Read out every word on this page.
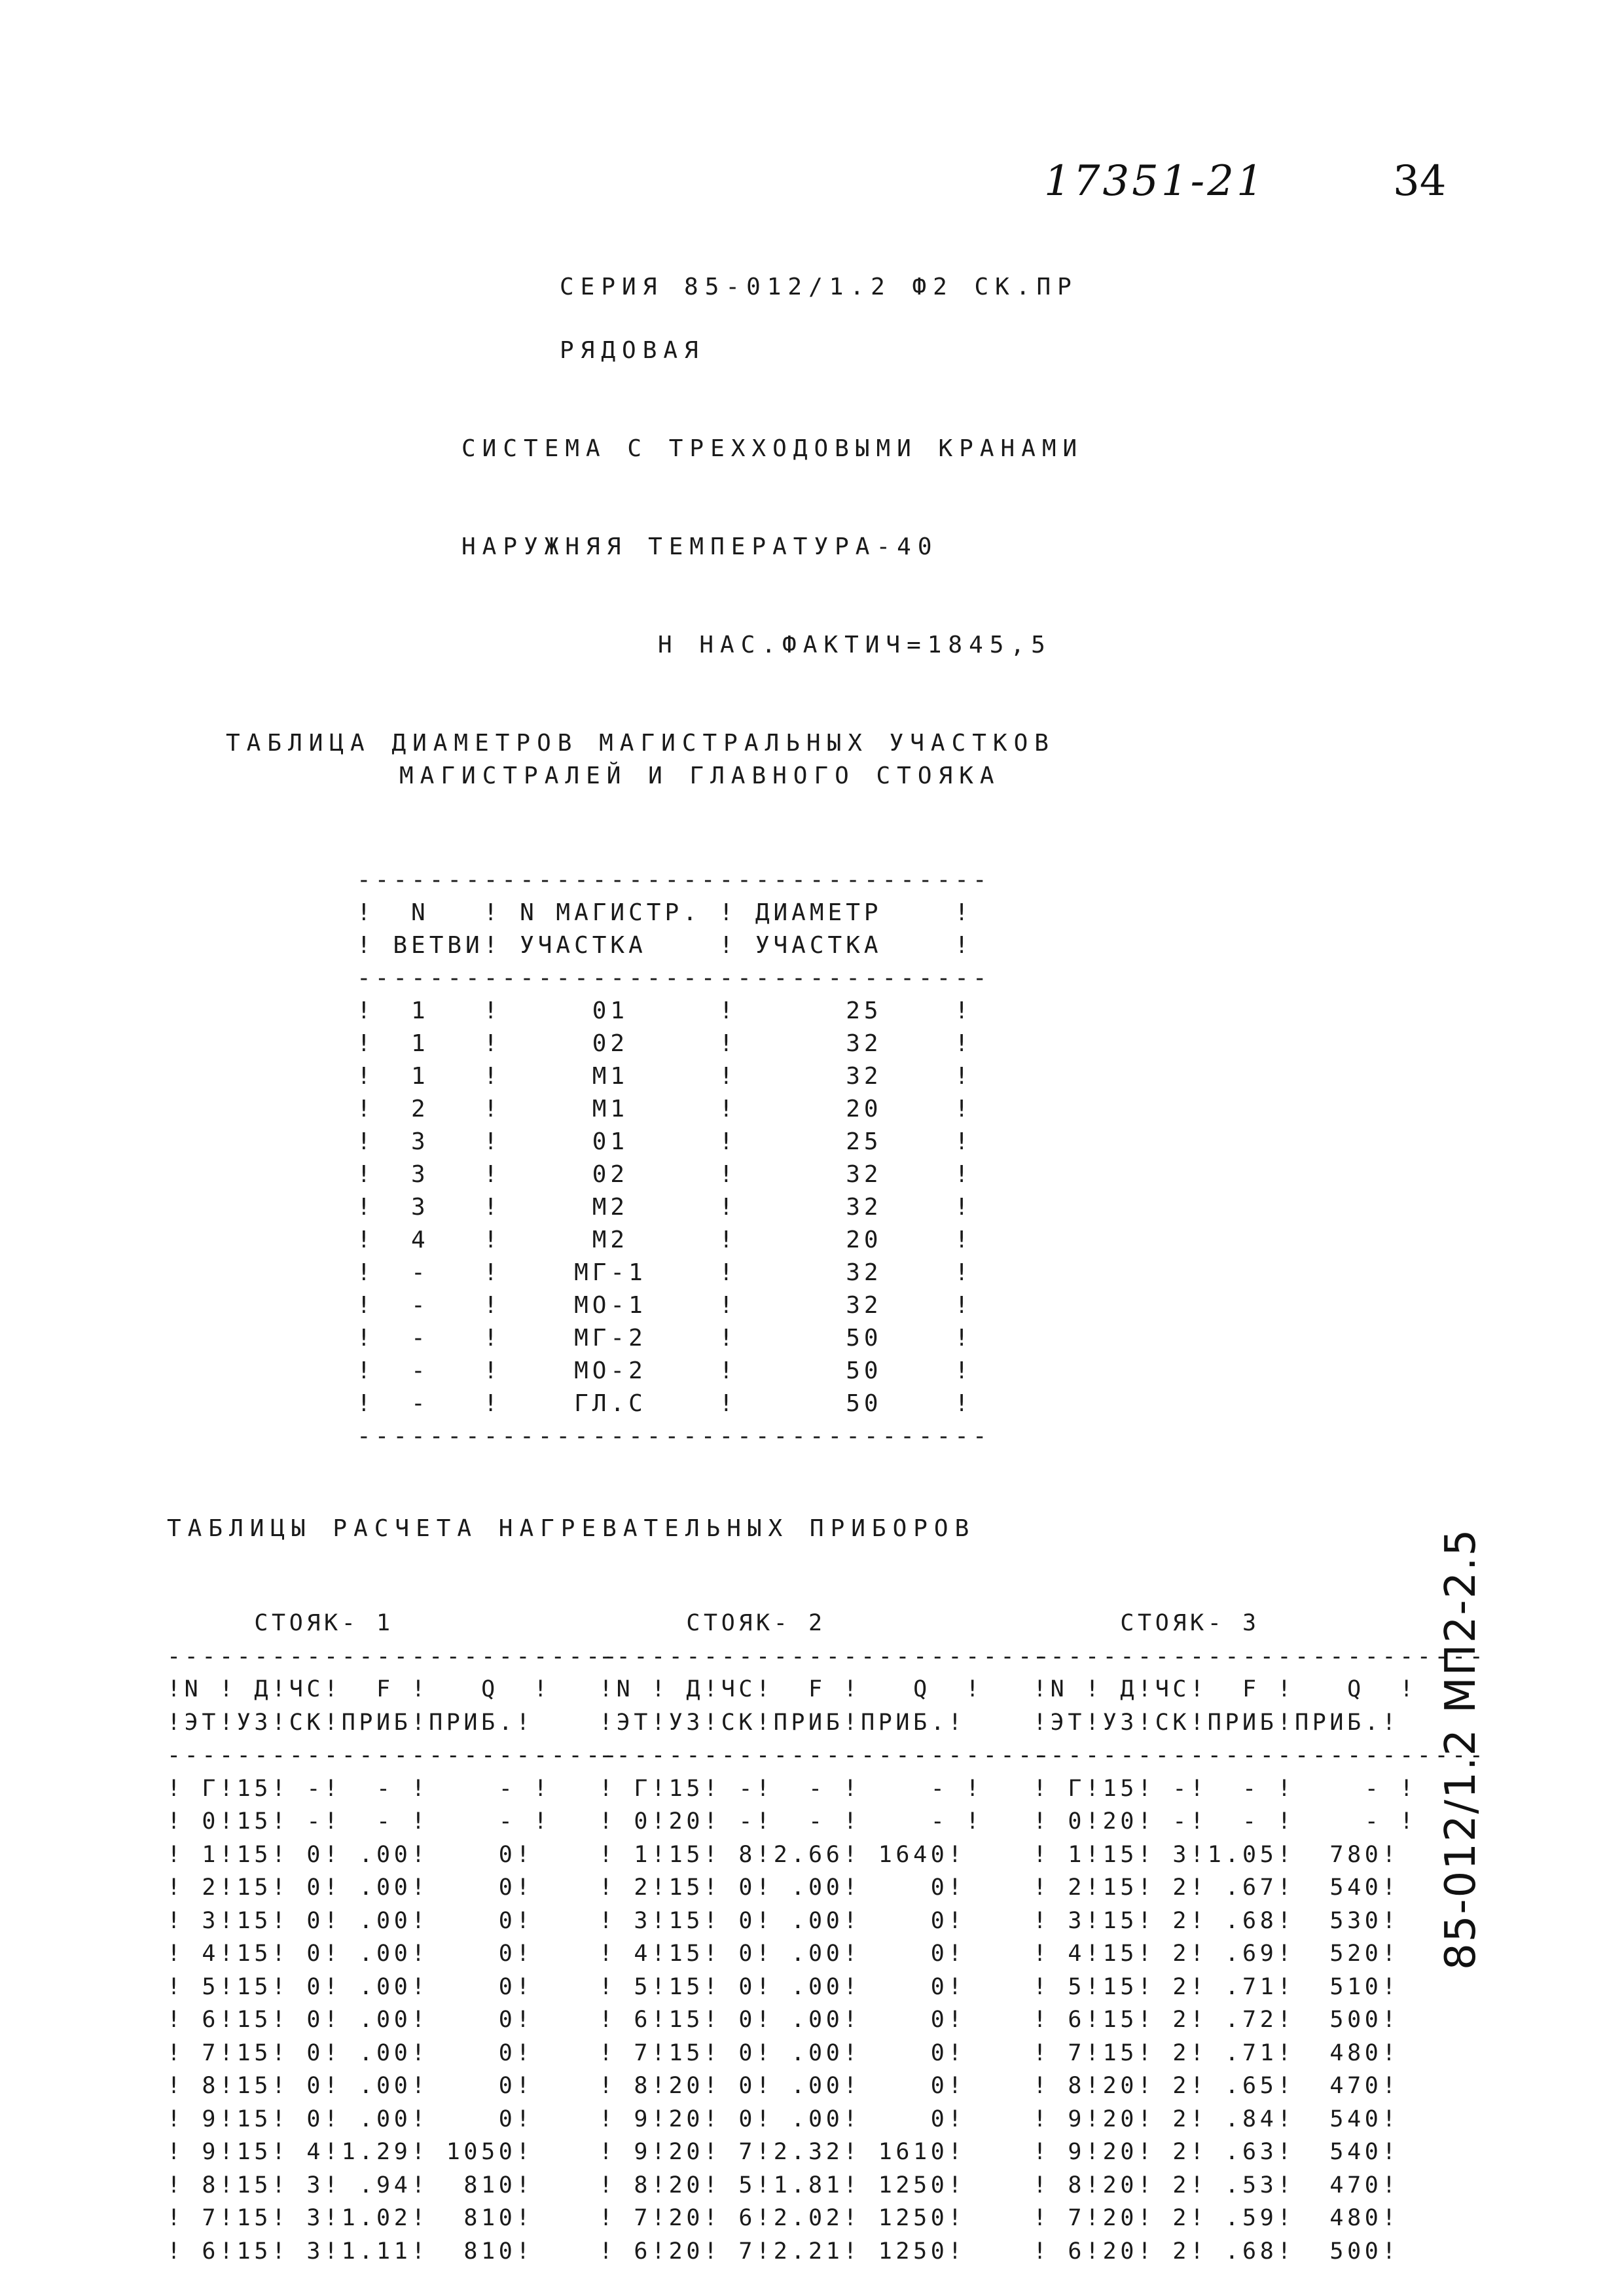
17351-21	34
СЕРИЯ 85-012/1.2 Ф2 СК.ПР
РЯДОВАЯ
СИСТЕМА С ТРЕХХОДОВЫМИ КРАНАМИ
НАРУЖНЯЯ ТЕМПЕРАТУРА-40
Н НАС.ФАКТИЧ=1845,5
ТАБЛИЦА ДИАМЕТРОВ МАГИСТРАЛЬНЫХ УЧАСТКОВ
МАГИСТРАЛЕЙ И ГЛАВНОГО СТОЯКА
-----------------------------------
!  N   ! N МАГИСТР. ! ДИАМЕТР    !
! ВЕТВИ! УЧАСТКА    ! УЧАСТКА    !
-----------------------------------
!  1   !     01     !      25    !
!  1   !     02     !      32    !
!  1   !     М1     !      32    !
!  2   !     М1     !      20    !
!  3   !     01     !      25    !
!  3   !     02     !      32    !
!  3   !     М2     !      32    !
!  4   !     М2     !      20    !
!  -   !    МГ-1    !      32    !
!  -   !    МО-1    !      32    !
!  -   !    МГ-2    !      50    !
!  -   !    МО-2    !      50    !
!  -   !    ГЛ.С    !      50    !
-----------------------------------
ТАБЛИЦЫ РАСЧЕТА НАГРЕВАТЕЛЬНЫХ ПРИБОРОВ
СТОЯК- 1
--------------------------
!N ! Д!ЧС!  F !   Q  !
!ЭТ!УЗ!СК!ПРИБ!ПРИБ.!
--------------------------
! Г!15! -!  - !    - !
! 0!15! -!  - !    - !
! 1!15! 0! .00!    0!
! 2!15! 0! .00!    0!
! 3!15! 0! .00!    0!
! 4!15! 0! .00!    0!
! 5!15! 0! .00!    0!
! 6!15! 0! .00!    0!
! 7!15! 0! .00!    0!
! 8!15! 0! .00!    0!
! 9!15! 0! .00!    0!
! 9!15! 4!1.29! 1050!
! 8!15! 3! .94!  810!
! 7!15! 3!1.02!  810!
! 6!15! 3!1.11!  810!
СТОЯК- 2
--------------------------
!N ! Д!ЧС!  F !   Q  !
!ЭТ!УЗ!СК!ПРИБ!ПРИБ.!
--------------------------
! Г!15! -!  - !    - !
! 0!20! -!  - !    - !
! 1!15! 8!2.66! 1640!
! 2!15! 0! .00!    0!
! 3!15! 0! .00!    0!
! 4!15! 0! .00!    0!
! 5!15! 0! .00!    0!
! 6!15! 0! .00!    0!
! 7!15! 0! .00!    0!
! 8!20! 0! .00!    0!
! 9!20! 0! .00!    0!
! 9!20! 7!2.32! 1610!
! 8!20! 5!1.81! 1250!
! 7!20! 6!2.02! 1250!
! 6!20! 7!2.21! 1250!
СТОЯК- 3
--------------------------
!N ! Д!ЧС!  F !   Q  !
!ЭТ!УЗ!СК!ПРИБ!ПРИБ.!
--------------------------
! Г!15! -!  - !    - !
! 0!20! -!  - !    - !
! 1!15! 3!1.05!  780!
! 2!15! 2! .67!  540!
! 3!15! 2! .68!  530!
! 4!15! 2! .69!  520!
! 5!15! 2! .71!  510!
! 6!15! 2! .72!  500!
! 7!15! 2! .71!  480!
! 8!20! 2! .65!  470!
! 9!20! 2! .84!  540!
! 9!20! 2! .63!  540!
! 8!20! 2! .53!  470!
! 7!20! 2! .59!  480!
! 6!20! 2! .68!  500!
85-012/1.2 МП2-2.5
